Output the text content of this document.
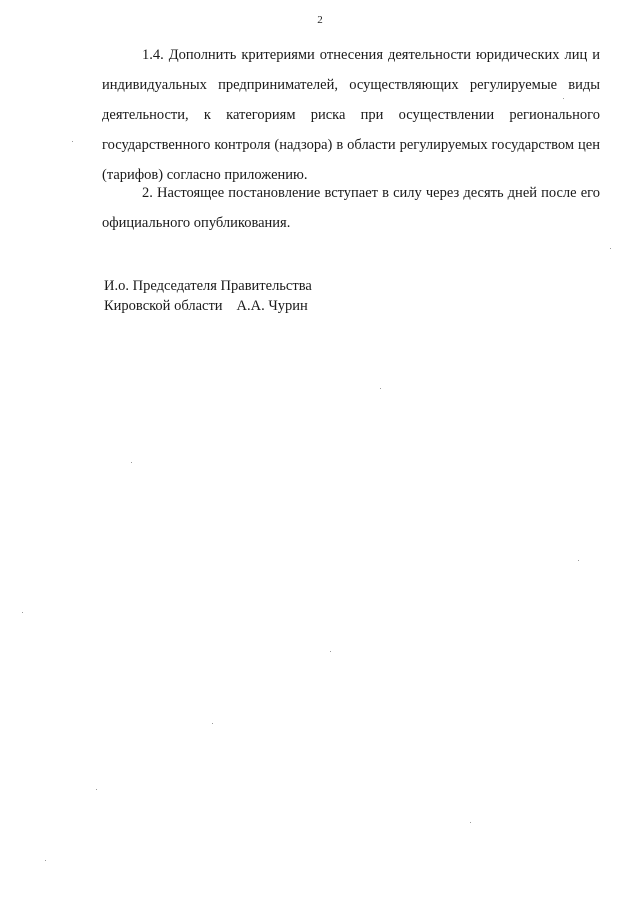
2

1.4. Дополнить критериями отнесения деятельности юридических лиц и индивидуальных предпринимателей, осуществляющих регулируемые виды деятельности, к категориям риска при осуществлении регионального государственного контроля (надзора) в области регулируемых государством цен (тарифов) согласно приложению.

2. Настоящее постановление вступает в силу через десять дней после его официального опубликования.

И.о. Председателя Правительства
Кировской области А.А. Чурин
